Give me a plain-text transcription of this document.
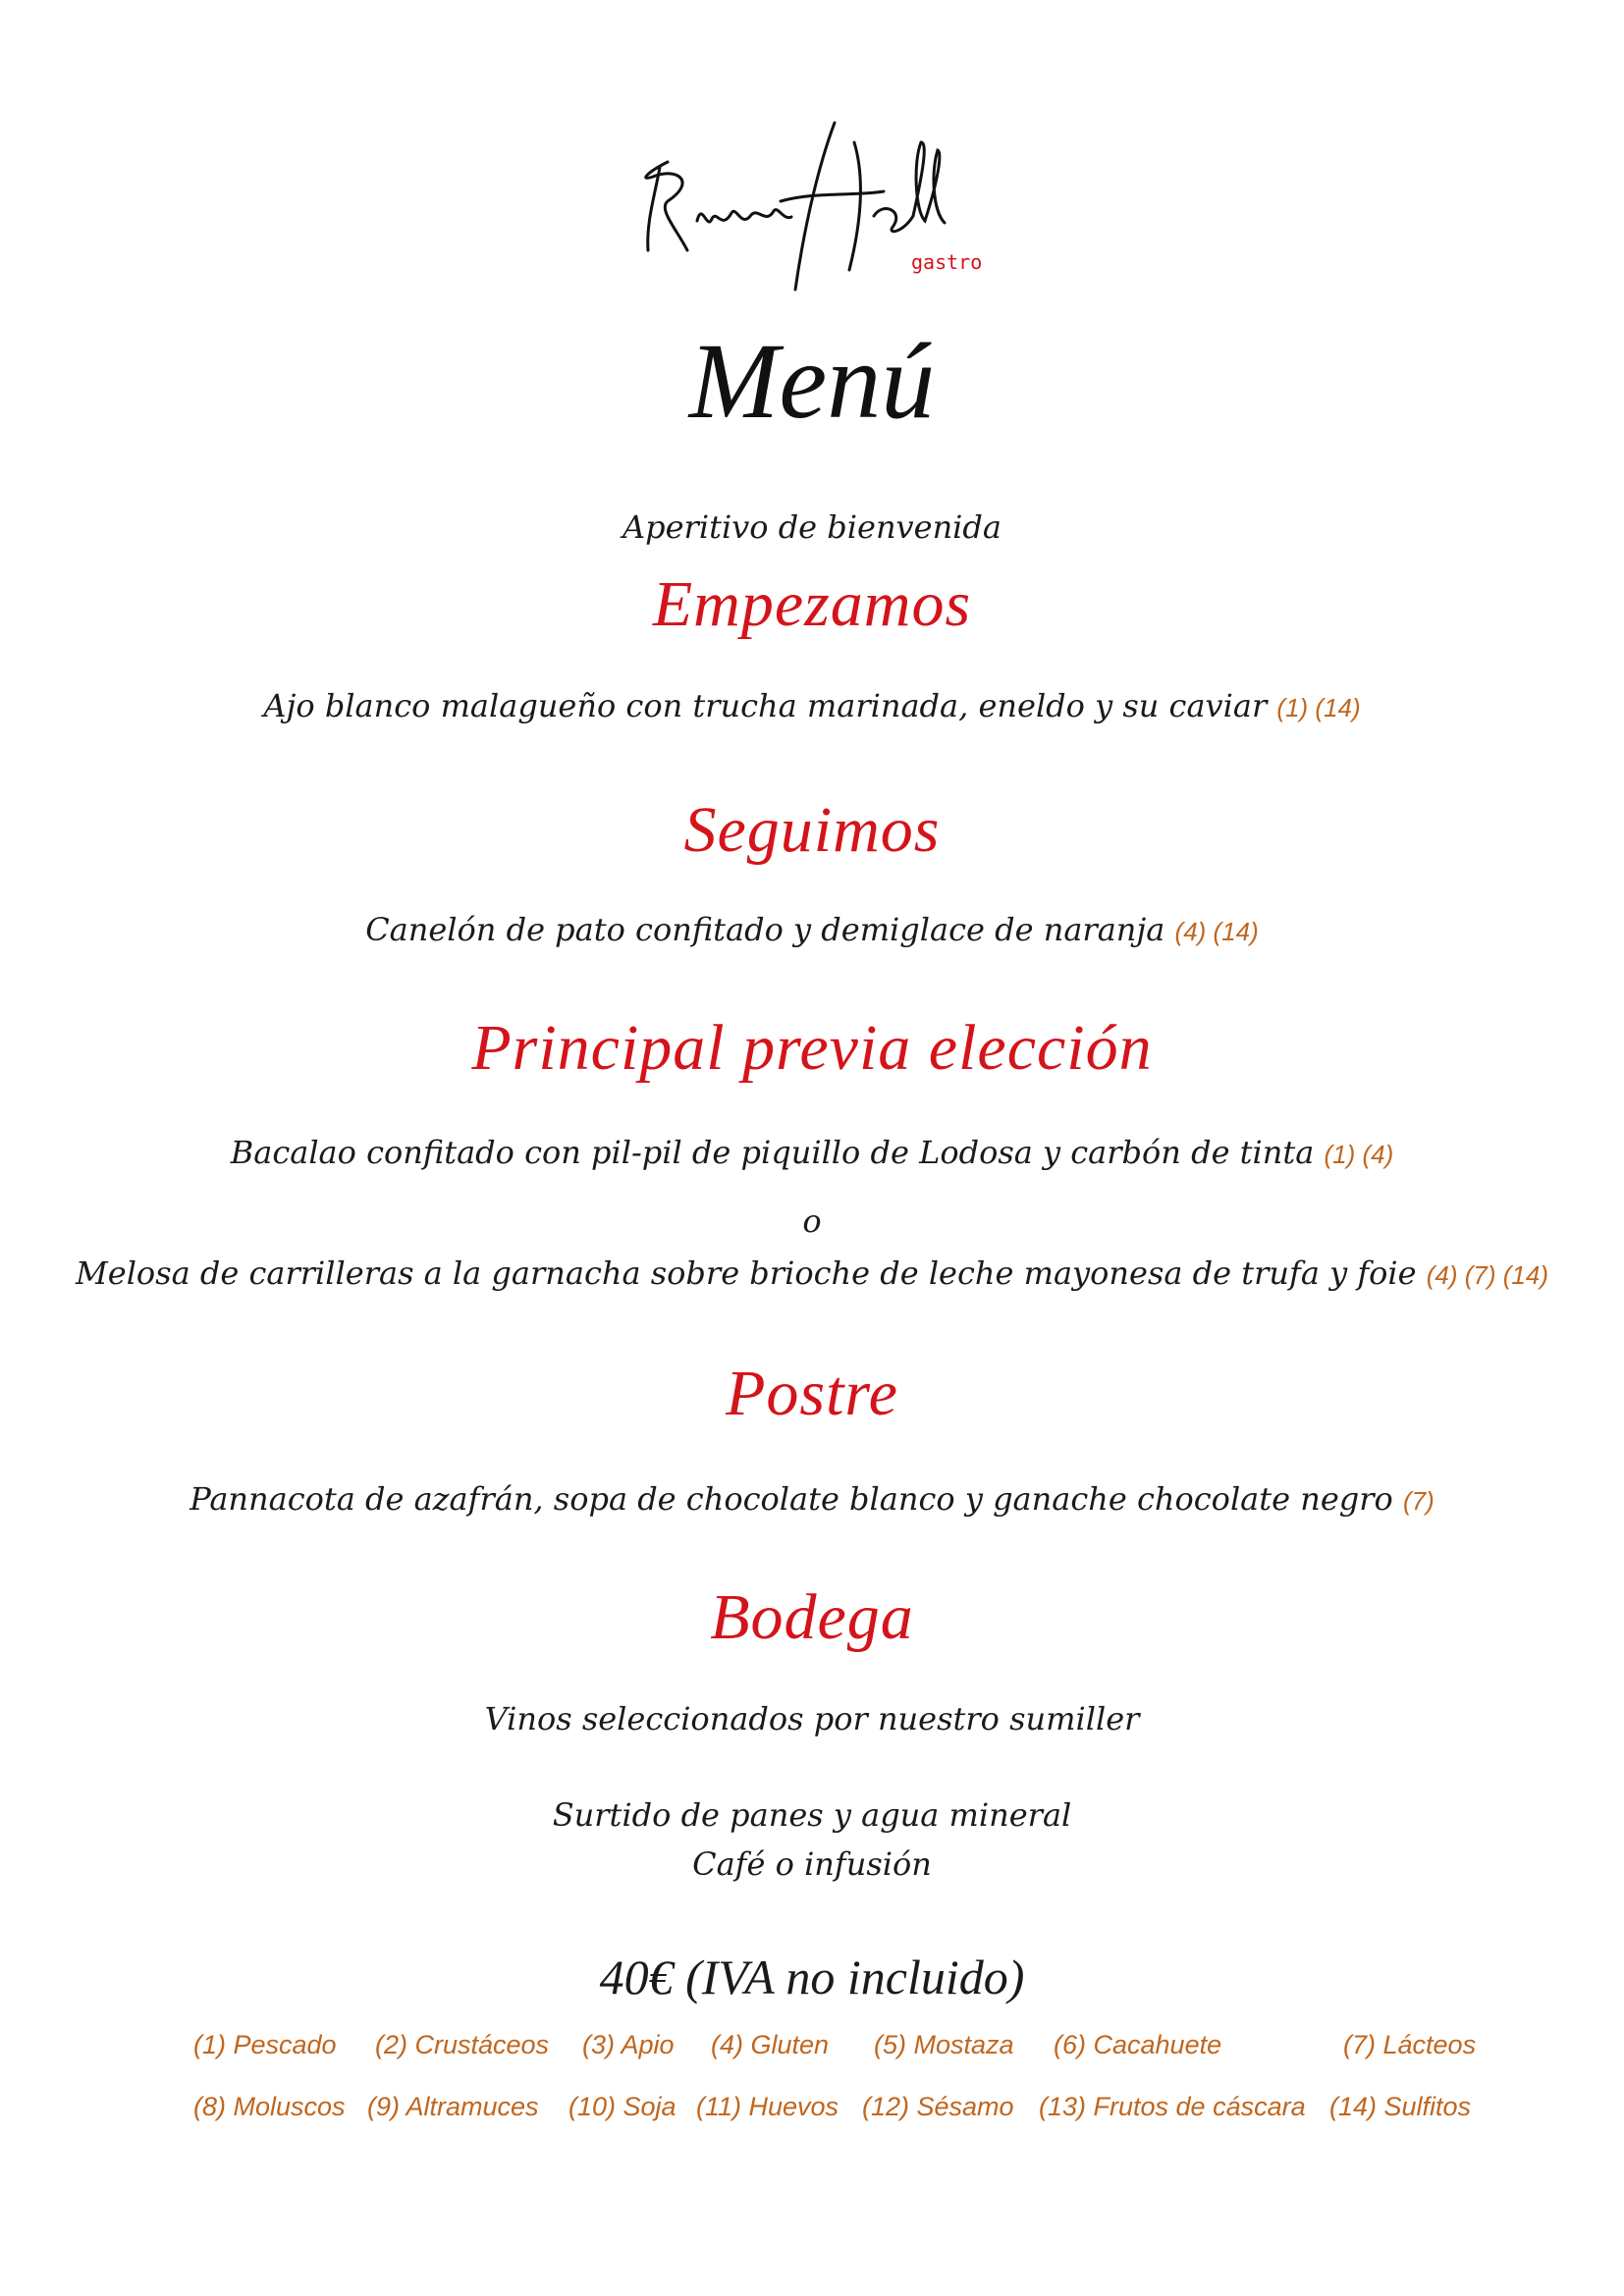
gastro
Menú
Aperitivo de bienvenida
Empezamos
Ajo blanco malagueño con trucha marinada, eneldo y su caviar (1) (14)
Seguimos
Canelón de pato confitado y demiglace de naranja (4) (14)
Principal previa elección
Bacalao confitado con pil-pil de piquillo de Lodosa y carbón de tinta (1) (4)
o
Melosa de carrilleras a la garnacha sobre brioche de leche mayonesa de trufa y foie (4) (7) (14)
Postre
Pannacota de azafrán, sopa de chocolate blanco y ganache chocolate negro (7)
Bodega
Vinos seleccionados por nuestro sumiller
Surtido de panes y agua mineral
Café o infusión
40€ (IVA no incluido)
(1) Pescado (2) Crustáceos (3) Apio (4) Gluten (5) Mostaza (6) Cacahuete	(7) Lácteos
(8) Moluscos (9) Altramuces (10) Soja (11) Huevos (12) Sésamo (13) Frutos de cáscara (14) Sulfitos
